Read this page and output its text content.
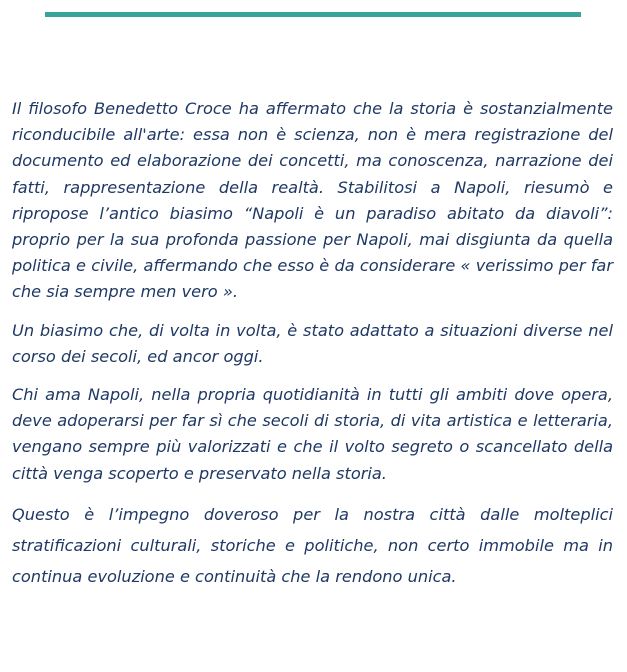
Il filosofo Benedetto Croce ha affermato che la storia è sostanzialmente riconducibile all'arte: essa non è scienza, non è mera registrazione del documento ed elaborazione dei concetti, ma conoscenza, narrazione dei fatti, rappresentazione della realtà. Stabilitosi a Napoli, riesumò e ripropose l’antico biasimo “Napoli è un paradiso abitato da diavoli”: proprio per la sua profonda passione per Napoli, mai disgiunta da quella politica e civile, affermando che esso è da considerare « verissimo per far che sia sempre men vero ».

Un biasimo che, di volta in volta, è stato adattato a situazioni diverse nel corso dei secoli, ed ancor oggi.

Chi ama Napoli, nella propria quotidianità in tutti gli ambiti dove opera, deve adoperarsi per far sì che secoli di storia, di vita artistica e letteraria, vengano sempre più valorizzati e che il volto segreto o scancellato della città venga scoperto e preservato nella storia.

Questo è l’impegno doveroso per la nostra città dalle molteplici stratificazioni culturali, storiche e politiche, non certo immobile ma in continua evoluzione e continuità che la rendono unica.
